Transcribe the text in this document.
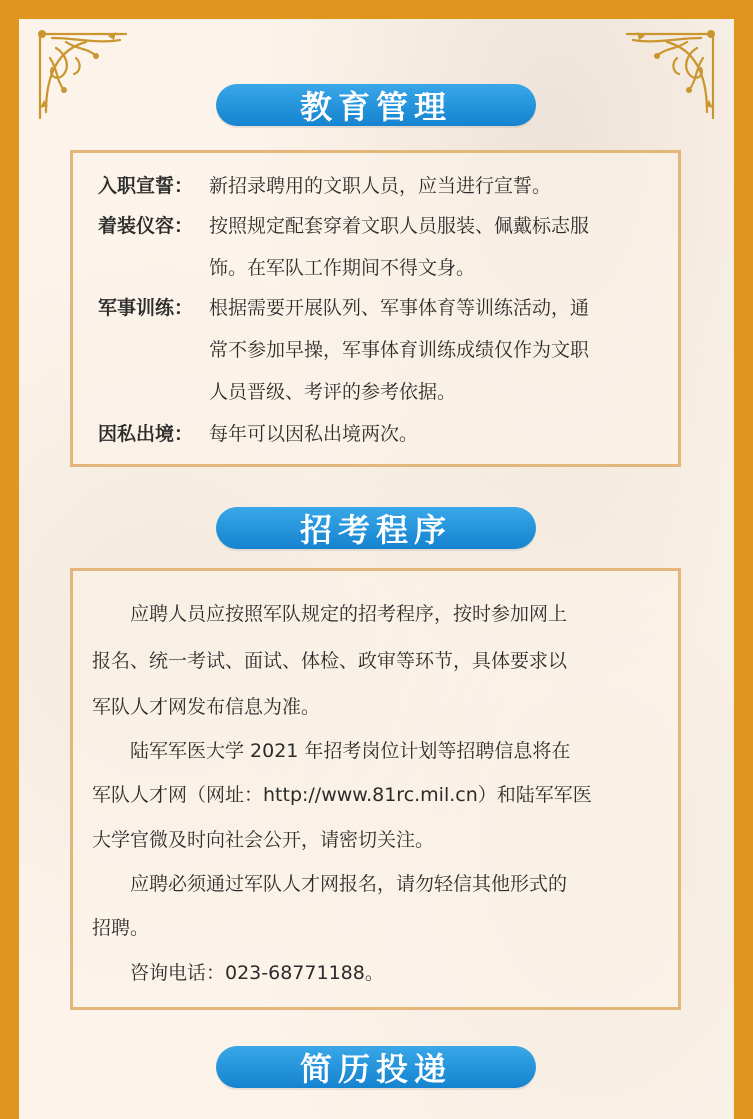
教育管理
入职宣誓： 新招录聘用的文职人员，应当进行宣誓。
着装仪容： 按照规定配套穿着文职人员服装、佩戴标志服
饰。在军队工作期间不得文身。
军事训练： 根据需要开展队列、军事体育等训练活动，通
常不参加早操，军事体育训练成绩仅作为文职
人员晋级、考评的参考依据。
因私出境： 每年可以因私出境两次。
招考程序
　　应聘人员应按照军队规定的招考程序，按时参加网上
报名、统一考试、面试、体检、政审等环节，具体要求以
军队人才网发布信息为准。
　　陆军军医大学 2021 年招考岗位计划等招聘信息将在
军队人才网（网址：http://www.81rc.mil.cn）和陆军军医
大学官微及时向社会公开，请密切关注。
　　应聘必须通过军队人才网报名，请勿轻信其他形式的
招聘。
　　咨询电话：023-68771188。
简历投递
